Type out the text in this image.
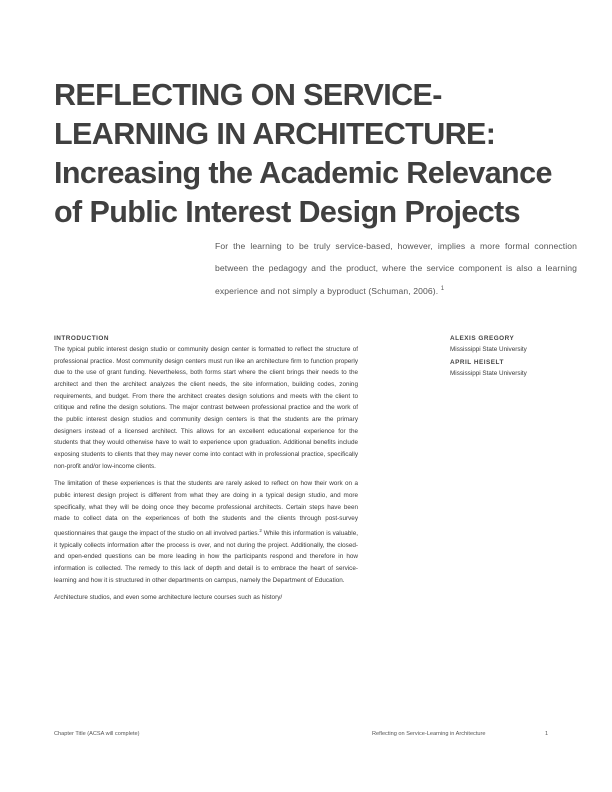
REFLECTING ON SERVICE-LEARNING IN ARCHITECTURE: Increasing the Academic Relevance of Public Interest Design Projects
For the learning to be truly service-based, however, implies a more formal connection between the pedagogy and the product, where the service component is also a learning experience and not simply a byproduct (Schuman, 2006). $^1$
INTRODUCTION

The typical public interest design studio or community design center is formatted to reflect the structure of professional practice. Most community design centers must run like an architecture firm to function properly due to the use of grant funding. Nevertheless, both forms start where the client brings their needs to the architect and then the architect analyzes the client needs, the site information, building codes, zoning requirements, and budget. From there the architect creates design solutions and meets with the client to critique and refine the design solutions. The major contrast between professional practice and the work of the public interest design studios and community design centers is that the students are the primary designers instead of a licensed architect. This allows for an excellent educational experience for the students that they would otherwise have to wait to experience upon graduation. Additional benefits include exposing students to clients that they may never come into contact with in professional practice, specifically non-profit and/or low-income clients.

The limitation of these experiences is that the students are rarely asked to reflect on how their work on a public interest design project is different from what they are doing in a typical design studio, and more specifically, what they will be doing once they become professional architects. Certain steps have been made to collect data on the experiences of both the students and the clients through post-survey questionnaires that gauge the impact of the studio on all involved parties.$^2$ While this information is valuable, it typically collects information after the process is over, and not during the project. Additionally, the closed- and open-ended questions can be more leading in how the participants respond and therefore in how information is collected. The remedy to this lack of depth and detail is to embrace the heart of service-learning and how it is structured in other departments on campus, namely the Department of Education.

Architecture studios, and even some architecture lecture courses such as history/

ALEXIS GREGORY
Mississippi State University
APRIL HEISELT
Mississippi State University
Chapter Title (ACSA will complete)	Reflecting on Service-Learning in Architecture	1
